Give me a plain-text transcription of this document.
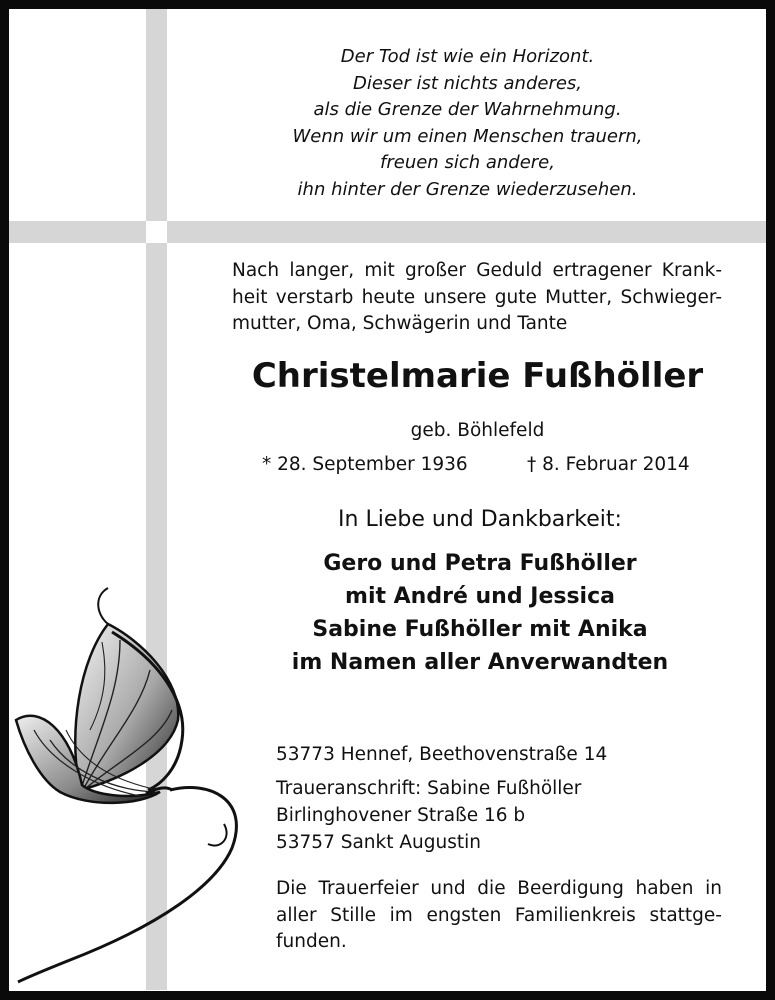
Der Tod ist wie ein Horizont.
Dieser ist nichts anderes,
als die Grenze der Wahrnehmung.
Wenn wir um einen Menschen trauern,
freuen sich andere,
ihn hinter der Grenze wiederzusehen.
Nach langer, mit großer Geduld ertragener Krank-
heit verstarb heute unsere gute Mutter, Schwieger-
mutter, Oma, Schwägerin und Tante
Christelmarie Fußhöller
geb. Böhlefeld
* 28. September 1936	† 8. Februar 2014
In Liebe und Dankbarkeit:
Gero und Petra Fußhöller
mit André und Jessica
Sabine Fußhöller mit Anika
im Namen aller Anverwandten
53773 Hennef, Beethovenstraße 14
Traueranschrift: Sabine Fußhöller
Birlinghovener Straße 16 b
53757 Sankt Augustin
Die Trauerfeier und die Beerdigung haben in
aller Stille im engsten Familienkreis stattge-
funden.
